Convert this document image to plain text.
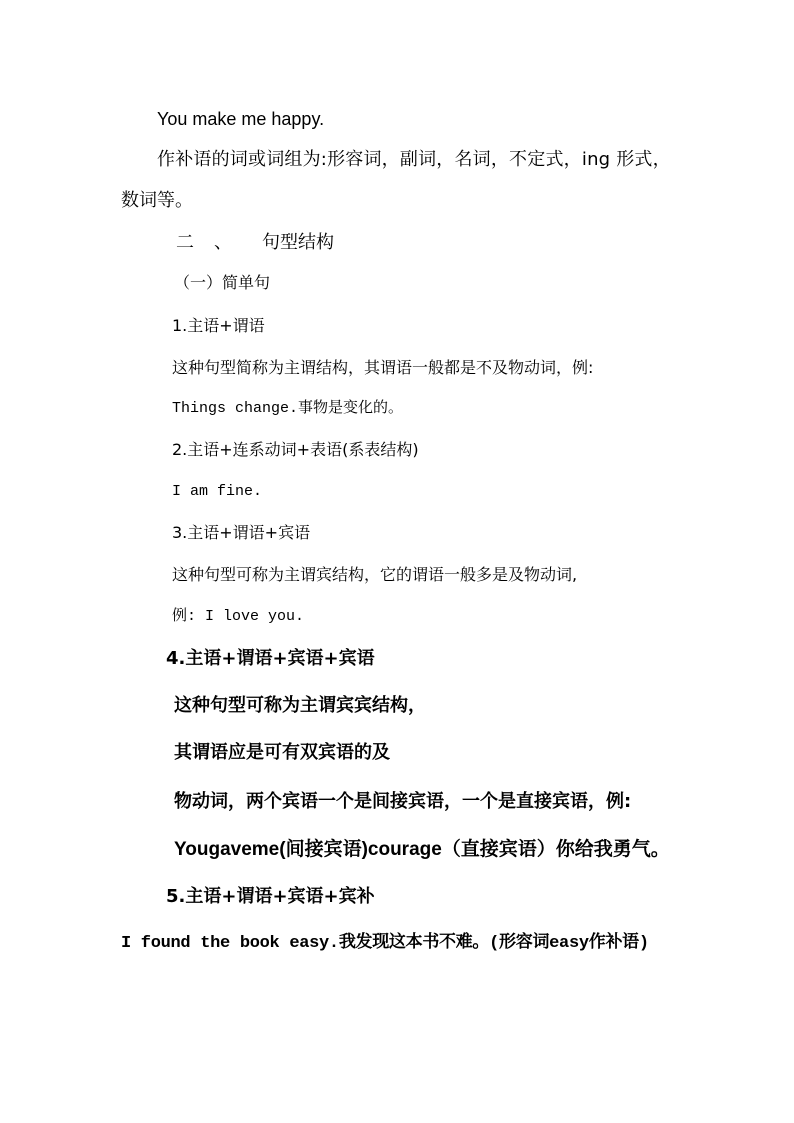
You make me happy.
作补语的词或词组为:形容词，副词，名词，不定式，ing 形式，
数词等。
二 、 句型结构
（一）简单句
1.主语+谓语
这种句型简称为主谓结构，其谓语一般都是不及物动词，例:
Things change.事物是变化的。
2.主语+连系动词+表语(系表结构)
I am fine.
3.主语+谓语+宾语
这种句型可称为主谓宾结构，它的谓语一般多是及物动词,
例: I love you.
4.主语+谓语+宾语+宾语
这种句型可称为主谓宾宾结构，
其谓语应是可有双宾语的及
物动词，两个宾语一个是间接宾语，一个是直接宾语，例:
Yougaveme(间接宾语)courage（直接宾语）你给我勇气。
5.主语+谓语+宾语+宾补
I found the book easy.我发现这本书不难。(形容词easy作补语)
